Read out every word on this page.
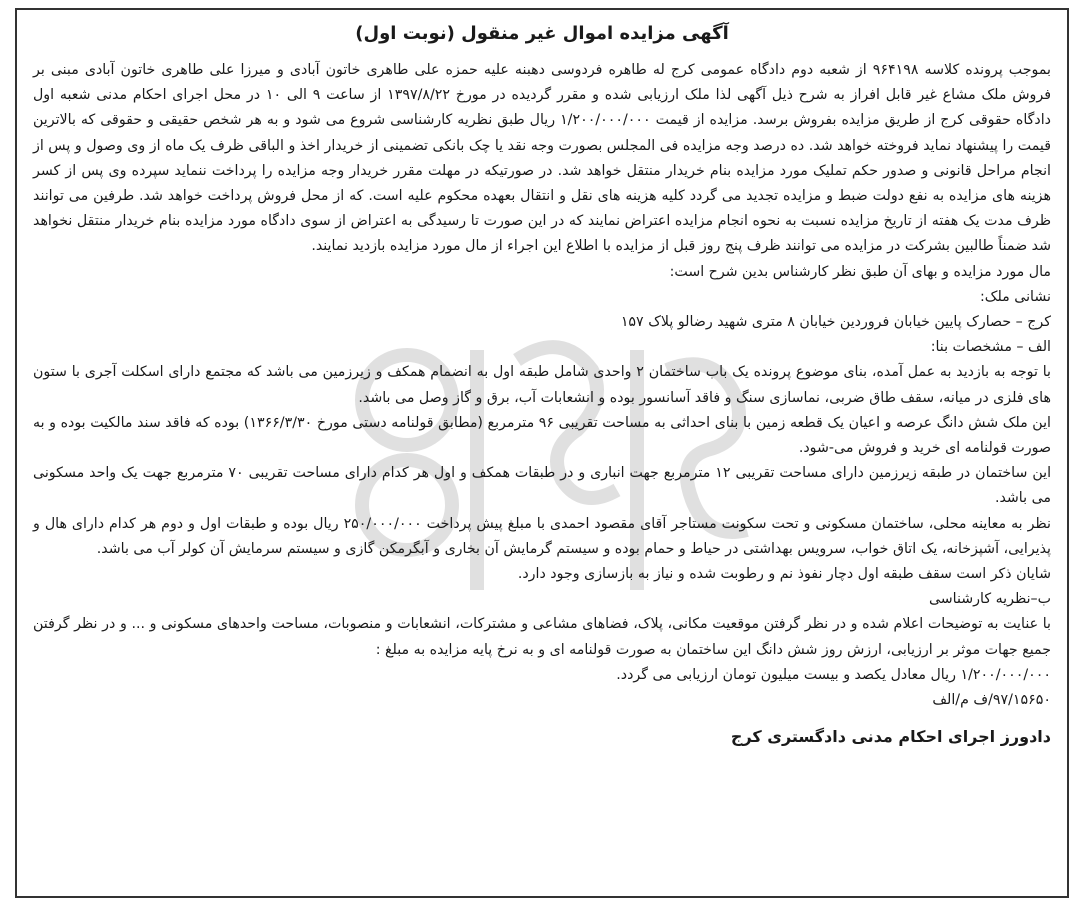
آگهی مزایده اموال غیر منقول (نوبت اول)

بموجب پرونده کلاسه ۹۶۴۱۹۸ از شعبه دوم دادگاه عمومی کرج له طاهره فردوسی دهبنه علیه حمزه علی طاهری خاتون آبادی و میرزا علی طاهری خاتون آبادی مبنی بر فروش ملک مشاع غیر قابل افراز به شرح ذیل آگهی لذا ملک ارزیابی شده و مقرر گردیده در مورخ ۱۳۹۷/۸/۲۲ از ساعت ۹ الی ۱۰ در محل اجرای احکام مدنی شعبه اول دادگاه حقوقی کرج از طریق مزایده بفروش برسد. مزایده از قیمت ۱/۲۰۰/۰۰۰/۰۰۰ ریال طبق نظریه کارشناسی شروع می شود و به هر شخص حقیقی و حقوقی که بالاترین قیمت را پیشنهاد نماید فروخته خواهد شد. ده درصد وجه مزایده فی المجلس بصورت وجه نقد یا چک بانکی تضمینی از خریدار اخذ و الباقی ظرف یک ماه از وی وصول و پس از انجام مراحل قانونی و صدور حکم تملیک مورد مزایده بنام خریدار منتقل خواهد شد. در صورتیکه در مهلت مقرر خریدار وجه مزایده را پرداخت ننماید سپرده وی پس از کسر هزینه های مزایده به نفع دولت ضبط و مزایده تجدید می گردد کلیه هزینه های نقل و انتقال بعهده محکوم علیه است. که از محل فروش پرداخت خواهد شد. طرفین می توانند ظرف مدت یک هفته از تاریخ مزایده نسبت به نحوه انجام مزایده اعتراض نمایند که در این صورت تا رسیدگی به اعتراض از سوی دادگاه مورد مزایده بنام خریدار منتقل نخواهد شد ضمناً طالبین بشرکت در مزایده می توانند ظرف پنج روز قبل از مزایده با اطلاع این اجراء از مال مورد مزایده بازدید نمایند.

مال مورد مزایده و بهای آن طبق نظر کارشناس بدین شرح است:

نشانی ملک:

کرج – حصارک پایین خیابان فروردین خیابان ۸ متری شهید رضالو پلاک ۱۵۷

الف – مشخصات بنا:

با توجه به بازدید به عمل آمده، بنای موضوع پرونده یک باب ساختمان ۲ واحدی شامل طبقه اول به انضمام همکف و زیرزمین می باشد که مجتمع دارای اسکلت آجری با ستون های فلزی در میانه، سقف طاق ضربی، نماسازی سنگ و فاقد آسانسور بوده و انشعابات آب، برق و گاز وصل می باشد.

این ملک شش دانگ عرصه و اعیان یک قطعه زمین با بنای احداثی به مساحت تقریبی ۹۶ مترمربع (مطابق قولنامه دستی مورخ ۱۳۶۶/۳/۳۰) بوده که فاقد سند مالکیت بوده و به صورت قولنامه ای خرید و فروش می-شود.

این ساختمان در طبقه زیرزمین دارای مساحت تقریبی ۱۲ مترمربع جهت انباری و در طبقات همکف و اول هر کدام دارای مساحت تقریبی ۷۰ مترمربع جهت یک واحد مسکونی می باشد.

نظر به معاینه محلی، ساختمان مسکونی و تحت سکونت مستاجر آقای مقصود احمدی با مبلغ پیش پرداخت ۲۵۰/۰۰۰/۰۰۰ ریال بوده و طبقات اول و دوم هر کدام دارای هال و پذیرایی، آشپزخانه، یک اتاق خواب، سرویس بهداشتی در حیاط و حمام بوده و سیستم گرمایش آن بخاری و آبگرمکن گازی و سیستم سرمایش آن کولر آب می باشد.

شایان ذکر است سقف طبقه اول دچار نفوذ نم و رطوبت شده و نیاز به بازسازی وجود دارد.

ب–نظریه کارشناسی

با عنایت به توضیحات اعلام شده و در نظر گرفتن موقعیت مکانی، پلاک، فضاهای مشاعی و مشترکات، انشعابات و منصوبات، مساحت واحدهای مسکونی و ... و در نظر گرفتن جمیع جهات موثر بر ارزیابی، ارزش روز شش دانگ این ساختمان به صورت قولنامه ای و به نرخ پایه مزایده به مبلغ :

۱/۲۰۰/۰۰۰/۰۰۰ ریال معادل یکصد و بیست میلیون تومان ارزیابی می گردد.

۹۷/۱۵۶۵۰/ف م/الف

دادورز اجرای احکام مدنی دادگستری کرج
